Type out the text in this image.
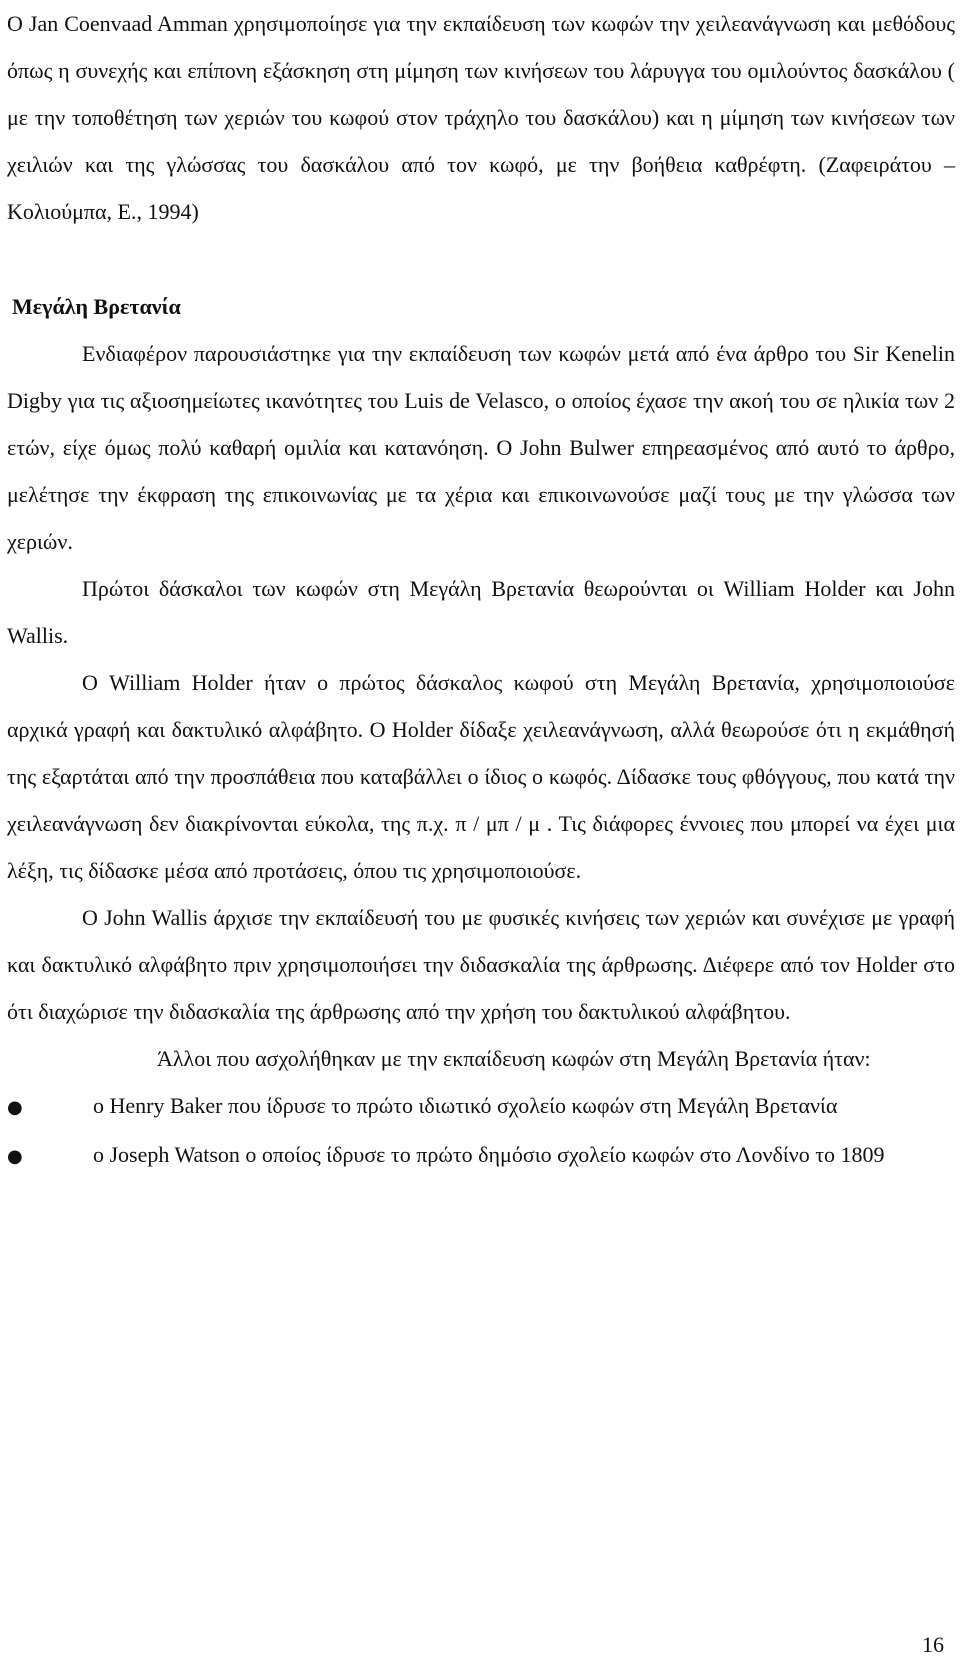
Ο Jan Coenvaad Amman χρησιμοποίησε για την εκπαίδευση των κωφών την χειλεανάγνωση και μεθόδους όπως η συνεχής και επίπονη εξάσκηση στη μίμηση των κινήσεων του λάρυγγα του ομιλούντος δασκάλου ( με την τοποθέτηση των χεριών του κωφού στον τράχηλο του δασκάλου) και η μίμηση των κινήσεων των χειλιών και της γλώσσας του δασκάλου από τον κωφό, με την βοήθεια καθρέφτη. (Ζαφειράτου – Κολιούμπα, Ε., 1994)

Μεγάλη Βρετανία

Ενδιαφέρον παρουσιάστηκε για την εκπαίδευση των κωφών μετά από ένα άρθρο του Sir Kenelin Digby για τις αξιοσημείωτες ικανότητες του Luis de Velasco, ο οποίος έχασε την ακοή του σε ηλικία των 2 ετών, είχε όμως πολύ καθαρή ομιλία και κατανόηση. Ο John Bulwer επηρεασμένος από αυτό το άρθρο, μελέτησε την έκφραση της επικοινωνίας με τα χέρια και επικοινωνούσε μαζί τους με την γλώσσα των χεριών.

Πρώτοι δάσκαλοι των κωφών στη Μεγάλη Βρετανία θεωρούνται οι William Holder και John Wallis.

Ο William Holder ήταν ο πρώτος δάσκαλος κωφού στη Μεγάλη Βρετανία, χρησιμοποιούσε αρχικά γραφή και δακτυλικό αλφάβητο. Ο Holder δίδαξε χειλεανάγνωση, αλλά θεωρούσε ότι η εκμάθησή της εξαρτάται από την προσπάθεια που καταβάλλει ο ίδιος ο κωφός. Δίδασκε τους φθόγγους, που κατά την χειλεανάγνωση δεν διακρίνονται εύκολα, της π.χ. π / μπ / μ . Τις διάφορες έννοιες που μπορεί να έχει μια λέξη, τις δίδασκε μέσα από προτάσεις, όπου τις χρησιμοποιούσε.

Ο John Wallis άρχισε την εκπαίδευσή του με φυσικές κινήσεις των χεριών και συνέχισε με γραφή και δακτυλικό αλφάβητο πριν χρησιμοποιήσει την διδασκαλία της άρθρωσης. Διέφερε από τον Holder στο ότι διαχώρισε την διδασκαλία της άρθρωσης από την χρήση του δακτυλικού αλφάβητου.

Άλλοι που ασχολήθηκαν με την εκπαίδευση κωφών στη Μεγάλη Βρετανία ήταν:

●	ο Henry Baker που ίδρυσε το πρώτο ιδιωτικό σχολείο κωφών στη Μεγάλη Βρετανία

●	ο Joseph Watson ο οποίος ίδρυσε το πρώτο δημόσιο σχολείο κωφών στο Λονδίνο το 1809

16
